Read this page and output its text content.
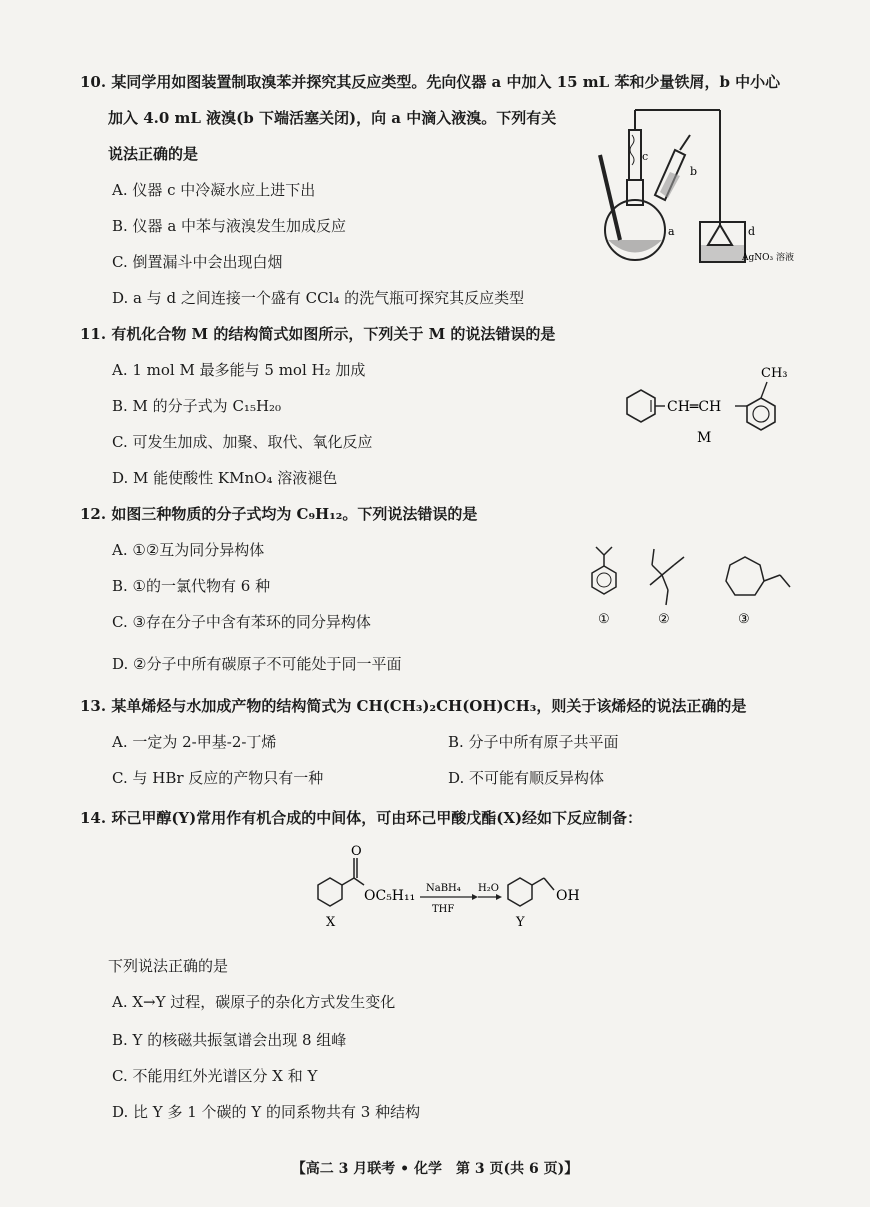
10. 某同学用如图装置制取溴苯并探究其反应类型。先向仪器 a 中加入 15 mL 苯和少量铁屑，b 中小心
加入 4.0 mL 液溴(b 下端活塞关闭)，向 a 中滴入液溴。下列有关
说法正确的是
A. 仪器 c 中冷凝水应上进下出
B. 仪器 a 中苯与液溴发生加成反应
C. 倒置漏斗中会出现白烟
D. a 与 d 之间连接一个盛有 CCl₄ 的洗气瓶可探究其反应类型
c
b
a	d
AgNO₃ 溶液
11. 有机化合物 M 的结构简式如图所示，下列关于 M 的说法错误的是
A. 1 mol M 最多能与 5 mol H₂ 加成
B. M 的分子式为 C₁₅H₂₀
C. 可发生加成、加聚、取代、氧化反应
D. M 能使酸性 KMnO₄ 溶液褪色
CH═CH
CH₃
M
12. 如图三种物质的分子式均为 C₉H₁₂。下列说法错误的是
A. ①②互为同分异构体
B. ①的一氯代物有 6 种
C. ③存在分子中含有苯环的同分异构体
D. ②分子中所有碳原子不可能处于同一平面
①	②	③
13. 某单烯烃与水加成产物的结构简式为 CH(CH₃)₂CH(OH)CH₃，则关于该烯烃的说法正确的是
A. 一定为 2-甲基-2-丁烯	B. 分子中所有原子共平面
C. 与 HBr 反应的产物只有一种	D. 不可能有顺反异构体
14. 环己甲醇(Y)常用作有机合成的中间体，可由环己甲酸戊酯(X)经如下反应制备：
O
OC₅H₁₁
X
NaBH₄
THF
H₂O	OH
Y
下列说法正确的是
A. X→Y 过程，碳原子的杂化方式发生变化
B. Y 的核磁共振氢谱会出现 8 组峰
C. 不能用红外光谱区分 X 和 Y
D. 比 Y 多 1 个碳的 Y 的同系物共有 3 种结构
【高二 3 月联考 • 化学　第 3 页(共 6 页)】
